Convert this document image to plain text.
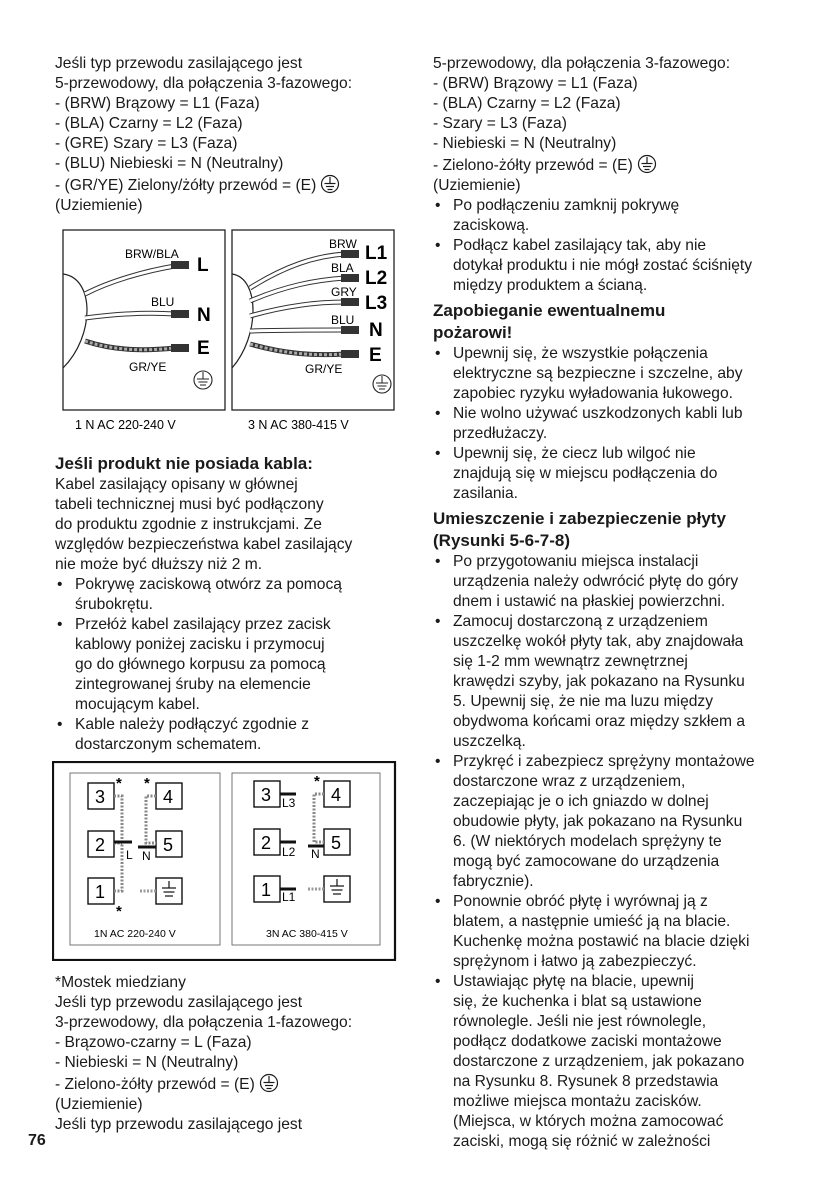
Jeśli typ przewodu zasilającego jest

5-przewodowy, dla połączenia 3-fazowego:

- (BRW) Brązowy = L1 (Faza)

- (BLA) Czarny = L2 (Faza)

- (GRE) Szary = L3 (Faza)

- (BLU) Niebieski = N (Neutralny)

- (GR/YE) Zielony/żółty przewód = (E)

(Uziemienie)

BRW/BLA
BLU
GR/YE
L
N
E
BRW
BLA
GRY
BLU
GR/YE
L1
L2
L3
N
E
1 N AC 220-240 V	3 N AC 380-415 V

Jeśli produkt nie posiada kabla:

Kabel zasilający opisany w głównej

tabeli technicznej musi być podłączony

do produktu zgodnie z instrukcjami. Ze

względów bezpieczeństwa kabel zasilający

nie może być dłuższy niż 2 m.

• Pokrywę zaciskową otwórz za pomocą
śrubokrętu.
• Przełóż kabel zasilający przez zacisk
kablowy poniżej zacisku i przymocuj
go do głównego korpusu za pomocą
zintegrowanej śruby na elemencie
mocującym kabel.
• Kable należy podłączyć zgodnie z
dostarczonym schematem.
3	4
2	5
1
* *
*
L N
1N AC 220-240 V
3	4
2	5
1
*
L3
L2 N
L1
3N AC 380-415 V

*Mostek miedziany

Jeśli typ przewodu zasilającego jest

3-przewodowy, dla połączenia 1-fazowego:

- Brązowo-czarny = L (Faza)

- Niebieski = N (Neutralny)

- Zielono-żółty przewód = (E)

(Uziemienie)

Jeśli typ przewodu zasilającego jest

5-przewodowy, dla połączenia 3-fazowego:

- (BRW) Brązowy = L1 (Faza)

- (BLA) Czarny = L2 (Faza)

- Szary = L3 (Faza)

- Niebieski = N (Neutralny)

- Zielono-żółty przewód = (E)

(Uziemienie)

• Po podłączeniu zamknij pokrywę
zaciskową.
• Podłącz kabel zasilający tak, aby nie
dotykał produktu i nie mógł zostać ściśnięty
między produktem a ścianą.

Zapobieganie ewentualnemu
pożarowi!

• Upewnij się, że wszystkie połączenia
elektryczne są bezpieczne i szczelne, aby
zapobiec ryzyku wyładowania łukowego.
• Nie wolno używać uszkodzonych kabli lub
przedłużaczy.
• Upewnij się, że ciecz lub wilgoć nie
znajdują się w miejscu podłączenia do
zasilania.

Umieszczenie i zabezpieczenie płyty
(Rysunki 5-6-7-8)

• Po przygotowaniu miejsca instalacji
urządzenia należy odwrócić płytę do góry
dnem i ustawić na płaskiej powierzchni.
• Zamocuj dostarczoną z urządzeniem
uszczelkę wokół płyty tak, aby znajdowała
się 1-2 mm wewnątrz zewnętrznej
krawędzi szyby, jak pokazano na Rysunku
5. Upewnij się, że nie ma luzu między
obydwoma końcami oraz między szkłem a
uszczelką.
• Przykręć i zabezpiecz sprężyny montażowe
dostarczone wraz z urządzeniem,
zaczepiając je o ich gniazdo w dolnej
obudowie płyty, jak pokazano na Rysunku
6. (W niektórych modelach sprężyny te
mogą być zamocowane do urządzenia
fabrycznie).
• Ponownie obróć płytę i wyrównaj ją z
blatem, a następnie umieść ją na blacie.
Kuchenkę można postawić na blacie dzięki
sprężynom i łatwo ją zabezpieczyć.
• Ustawiając płytę na blacie, upewnij
się, że kuchenka i blat są ustawione
równolegle. Jeśli nie jest równolegle,
podłącz dodatkowe zaciski montażowe
dostarczone z urządzeniem, jak pokazano
na Rysunku 8. Rysunek 8 przedstawia
możliwe miejsca montażu zacisków.
(Miejsca, w których można zamocować
zaciski, mogą się różnić w zależności
76
